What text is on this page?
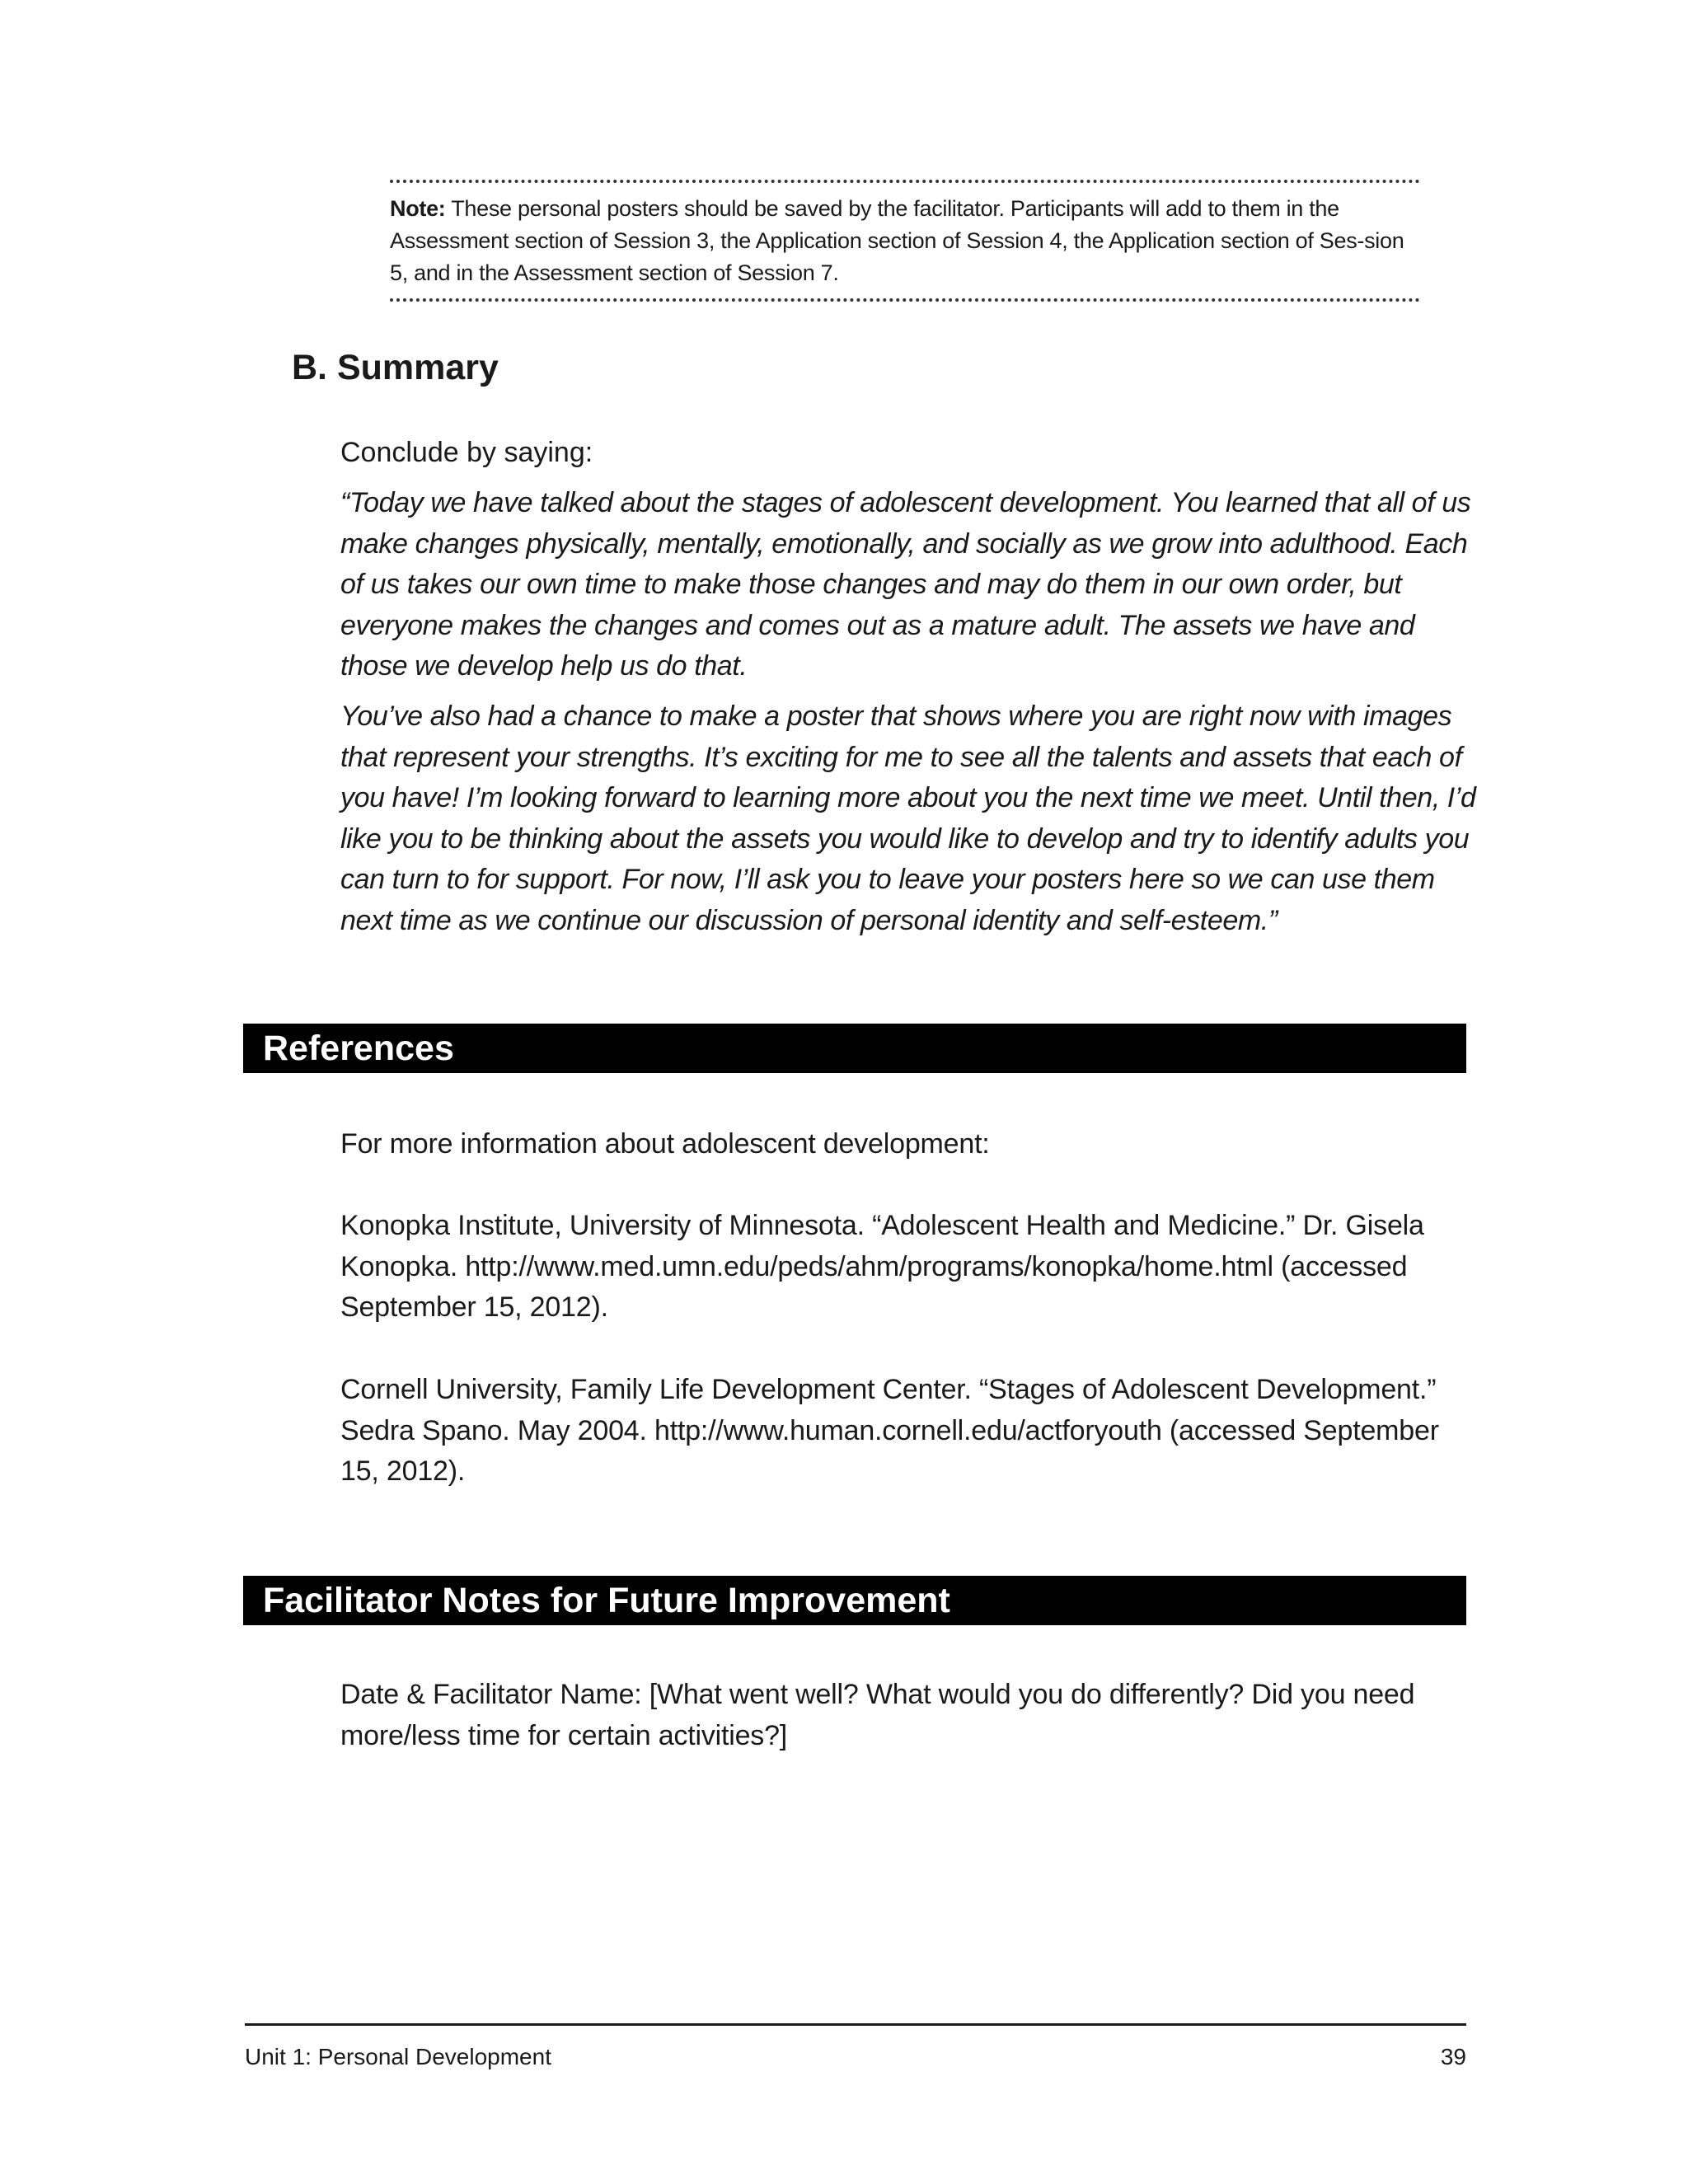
Note: These personal posters should be saved by the facilitator. Participants will add to them in the Assessment section of Session 3, the Application section of Session 4, the Application section of Ses-sion 5, and in the Assessment section of Session 7.

B. Summary

Conclude by saying:

“Today we have talked about the stages of adolescent development. You learned that all of us make changes physically, mentally, emotionally, and socially as we grow into adulthood. Each of us takes our own time to make those changes and may do them in our own order, but everyone makes the changes and comes out as a mature adult. The assets we have and those we develop help us do that.

You’ve also had a chance to make a poster that shows where you are right now with images that represent your strengths. It’s exciting for me to see all the talents and assets that each of you have! I’m looking forward to learning more about you the next time we meet. Until then, I’d like you to be thinking about the assets you would like to develop and try to identify adults you can turn to for support. For now, I’ll ask you to leave your posters here so we can use them next time as we continue our discussion of personal identity and self-esteem.”

References

For more information about adolescent development:

Konopka Institute, University of Minnesota. “Adolescent Health and Medicine.” Dr. Gisela Konopka. http://www.med.umn.edu/peds/ahm/programs/konopka/home.html (accessed September 15, 2012).

Cornell University, Family Life Development Center. “Stages of Adolescent Development.” Sedra Spano. May 2004. http://www.human.cornell.edu/actforyouth (accessed September 15, 2012).

Facilitator Notes for Future Improvement

Date & Facilitator Name: [What went well? What would you do differently? Did you need more/less time for certain activities?]

Unit 1: Personal Development	39
